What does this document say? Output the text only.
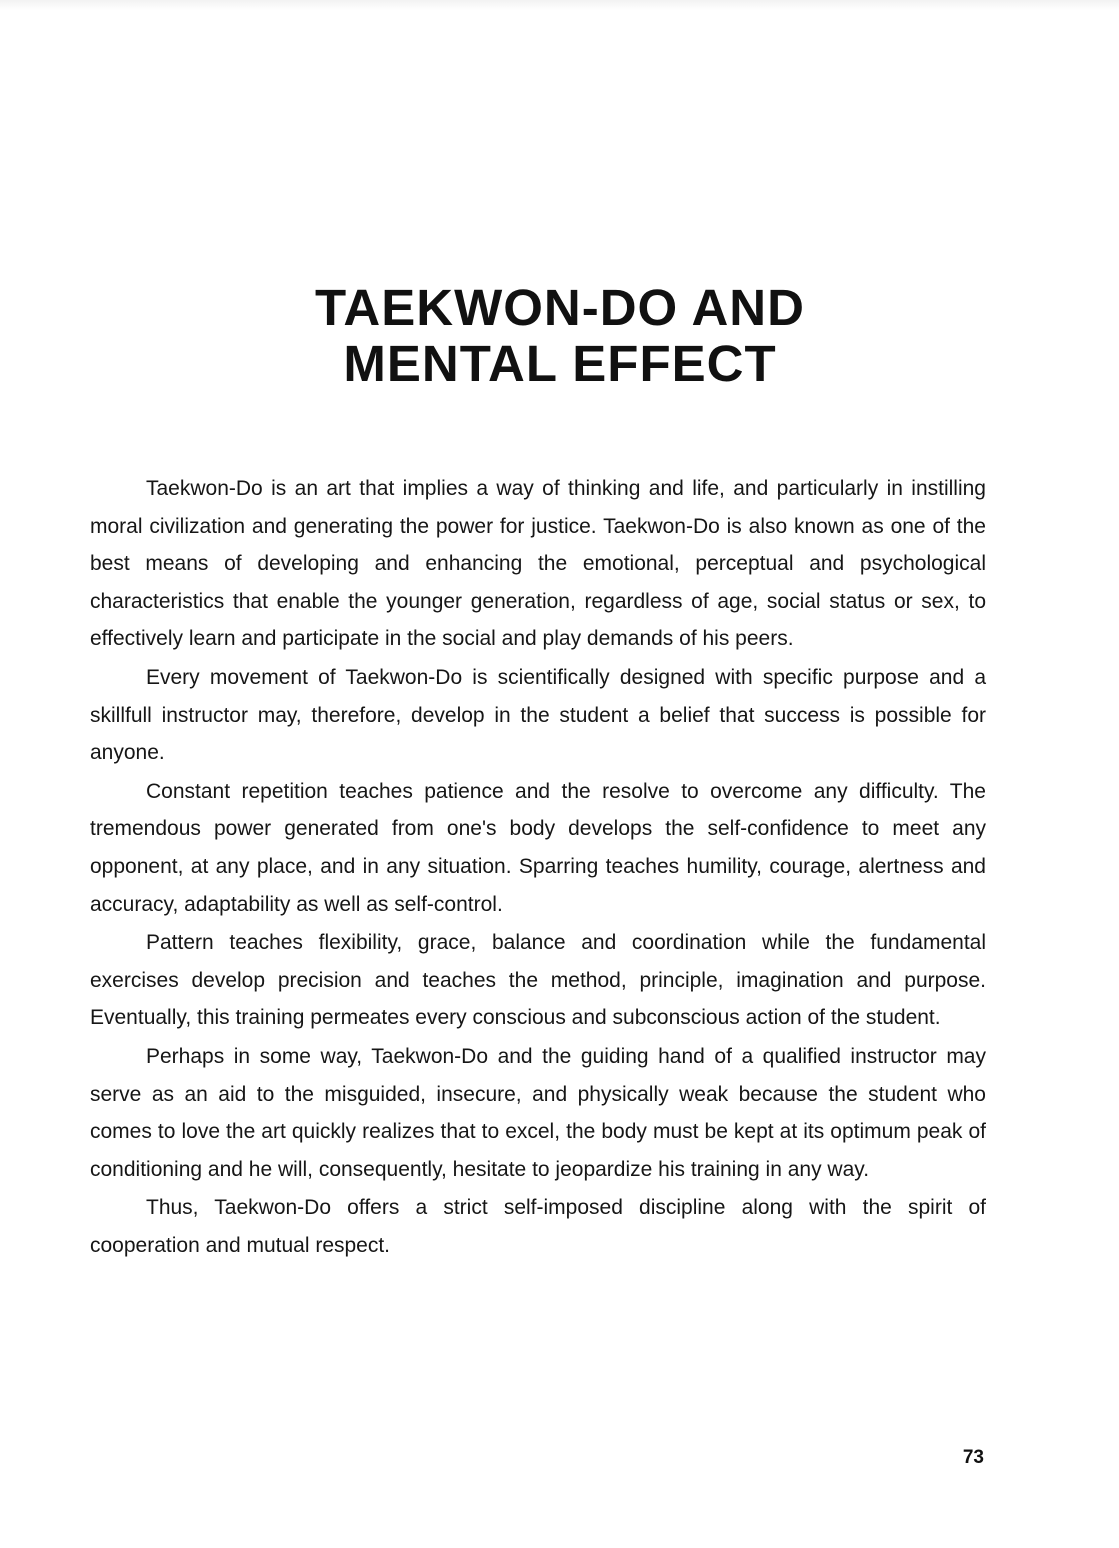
TAEKWON-DO AND
MENTAL EFFECT

Taekwon-Do is an art that implies a way of thinking and life, and particularly in instilling moral civilization and generating the power for justice. Taekwon-Do is also known as one of the best means of developing and enhancing the emotional, perceptual and psychological characteristics that enable the younger generation, regardless of age, social status or sex, to effectively learn and participate in the social and play demands of his peers.

Every movement of Taekwon-Do is scientifically designed with specific purpose and a skillfull instructor may, therefore, develop in the student a belief that success is possible for anyone.

Constant repetition teaches patience and the resolve to overcome any difficulty. The tremendous power generated from one's body develops the self-confidence to meet any opponent, at any place, and in any situation. Sparring teaches humility, courage, alertness and accuracy, adaptability as well as self-control.

Pattern teaches flexibility, grace, balance and coordination while the fundamental exercises develop precision and teaches the method, principle, imagination and purpose. Eventually, this training permeates every conscious and subconscious action of the student.

Perhaps in some way, Taekwon-Do and the guiding hand of a qualified instructor may serve as an aid to the misguided, insecure, and physically weak because the student who comes to love the art quickly realizes that to excel, the body must be kept at its optimum peak of conditioning and he will, consequently, hesitate to jeopardize his training in any way.

Thus, Taekwon-Do offers a strict self-imposed discipline along with the spirit of cooperation and mutual respect.

73
